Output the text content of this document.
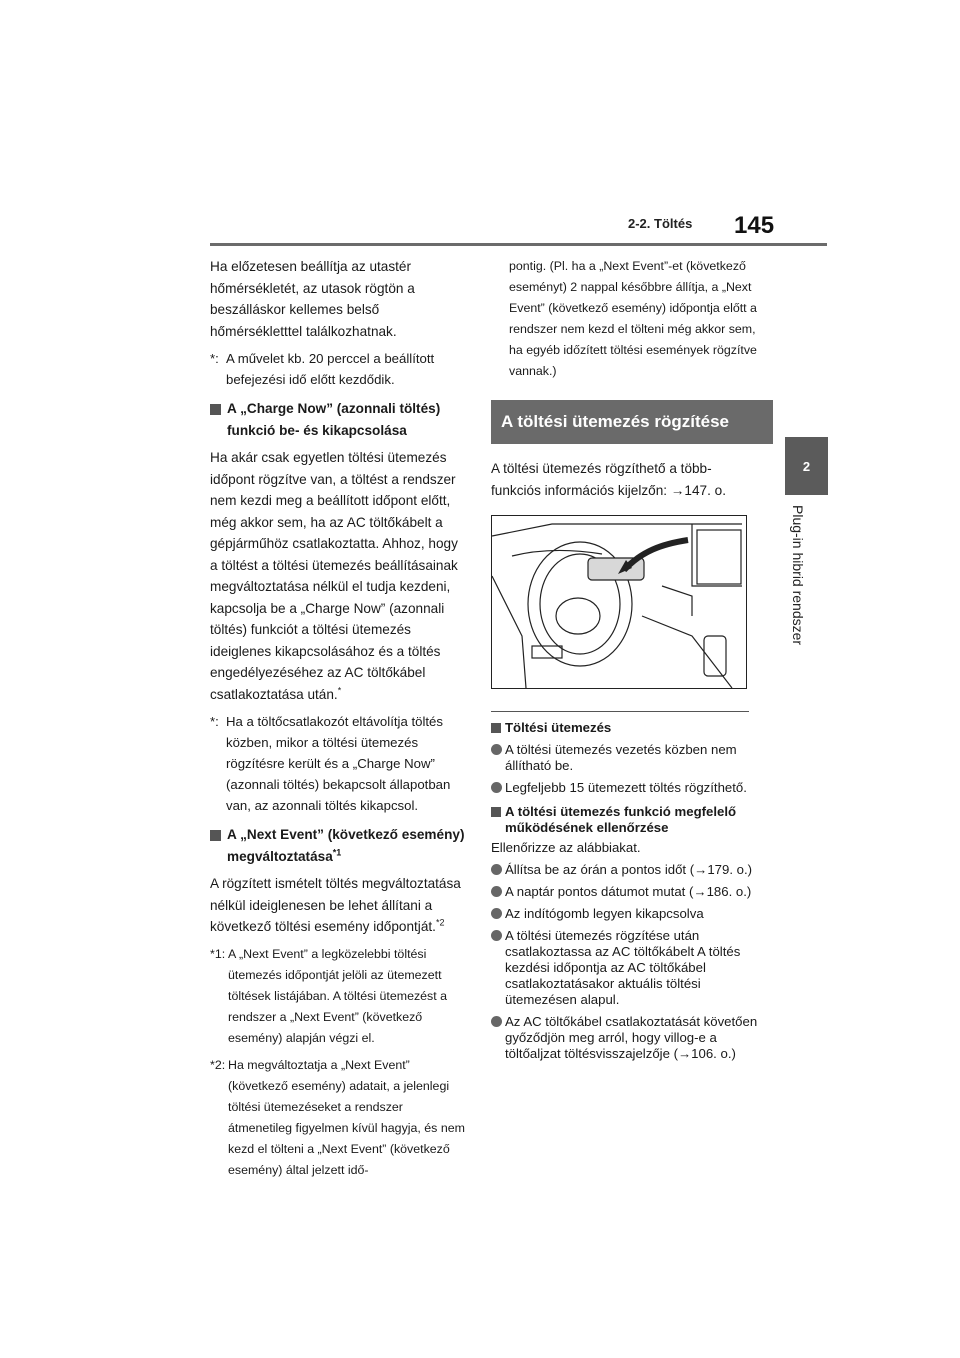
2-2. Töltés 145
2
Plug-in hibrid rendszer

Ha előzetesen beállítja az utastér hőmérsékletét, az utasok rögtön a beszálláskor kellemes belső hőmérsékletttel találkozhatnak.

*: A művelet kb. 20 perccel a beállított befejezési idő előtt kezdődik.
A „Charge Now” (azonnali töltés) funkció be- és kikapcsolása

Ha akár csak egyetlen töltési ütemezés időpont rögzítve van, a töltést a rendszer nem kezdi meg a beállított időpont előtt, még akkor sem, ha az AC töltőkábelt a gépjárműhöz csatlakoztatta. Ahhoz, hogy a töltést a töltési ütemezés beállításainak megváltoztatása nélkül el tudja kezdeni, kapcsolja be a „Charge Now” (azonnali töltés) funkciót a töltési ütemezés ideiglenes kikapcsolásához és a töltés engedélyezéséhez az AC töltőkábel csatlakoztatása után.*

*: Ha a töltőcsatlakozót eltávolítja töltés közben, mikor a töltési ütemezés rögzítésre került és a „Charge Now” (azonnali töltés) bekapcsolt állapotban van, az azonnali töltés kikapcsol.
A „Next Event” (következő esemény) megváltoztatása$^{*1}$

A rögzített ismételt töltés megváltoztatása nélkül ideiglenesen be lehet állítani a következő töltési esemény időpontját.$^{*2}$

*1: A „Next Event” a legközelebbi töltési ütemezés időpontját jelöli az ütemezett töltések listájában. A töltési ütemezést a rendszer a „Next Event” (következő esemény) alapján végzi el.
*2: Ha megváltoztatja a „Next Event” (következő esemény) adatait, a jelenlegi töltési ütemezéseket a rendszer átmenetileg figyelmen kívül hagyja, és nem kezd el tölteni a „Next Event” (következő esemény) által jelzett idő-

pontig. (Pl. ha a „Next Event”-et (következő eseményt) 2 nappal későbbre állítja, a „Next Event” (következő esemény) időpontja előtt a rendszer nem kezd el tölteni még akkor sem, ha egyéb időzített töltési események rögzítve vannak.)

A töltési ütemezés rögzítése

A töltési ütemezés rögzíthető a több-funkciós információs kijelzőn: →147. o.

Töltési ütemezés
A töltési ütemezés vezetés közben nem állítható be.
Legfeljebb 15 ütemezett töltés rögzíthető.
A töltési ütemezés funkció megfelelő működésének ellenőrzése

Ellenőrizze az alábbiakat.

Állítsa be az órán a pontos időt (→179. o.)
A naptár pontos dátumot mutat (→186. o.)
Az indítógomb legyen kikapcsolva
A töltési ütemezés rögzítése után csatlakoztassa az AC töltőkábelt A töltés kezdési időpontja az AC töltőkábel csatlakoztatásakor aktuális töltési ütemezésen alapul.
Az AC töltőkábel csatlakoztatását követően győződjön meg arról, hogy villog-e a töltőaljzat töltésvisszajelzője (→106. o.)
